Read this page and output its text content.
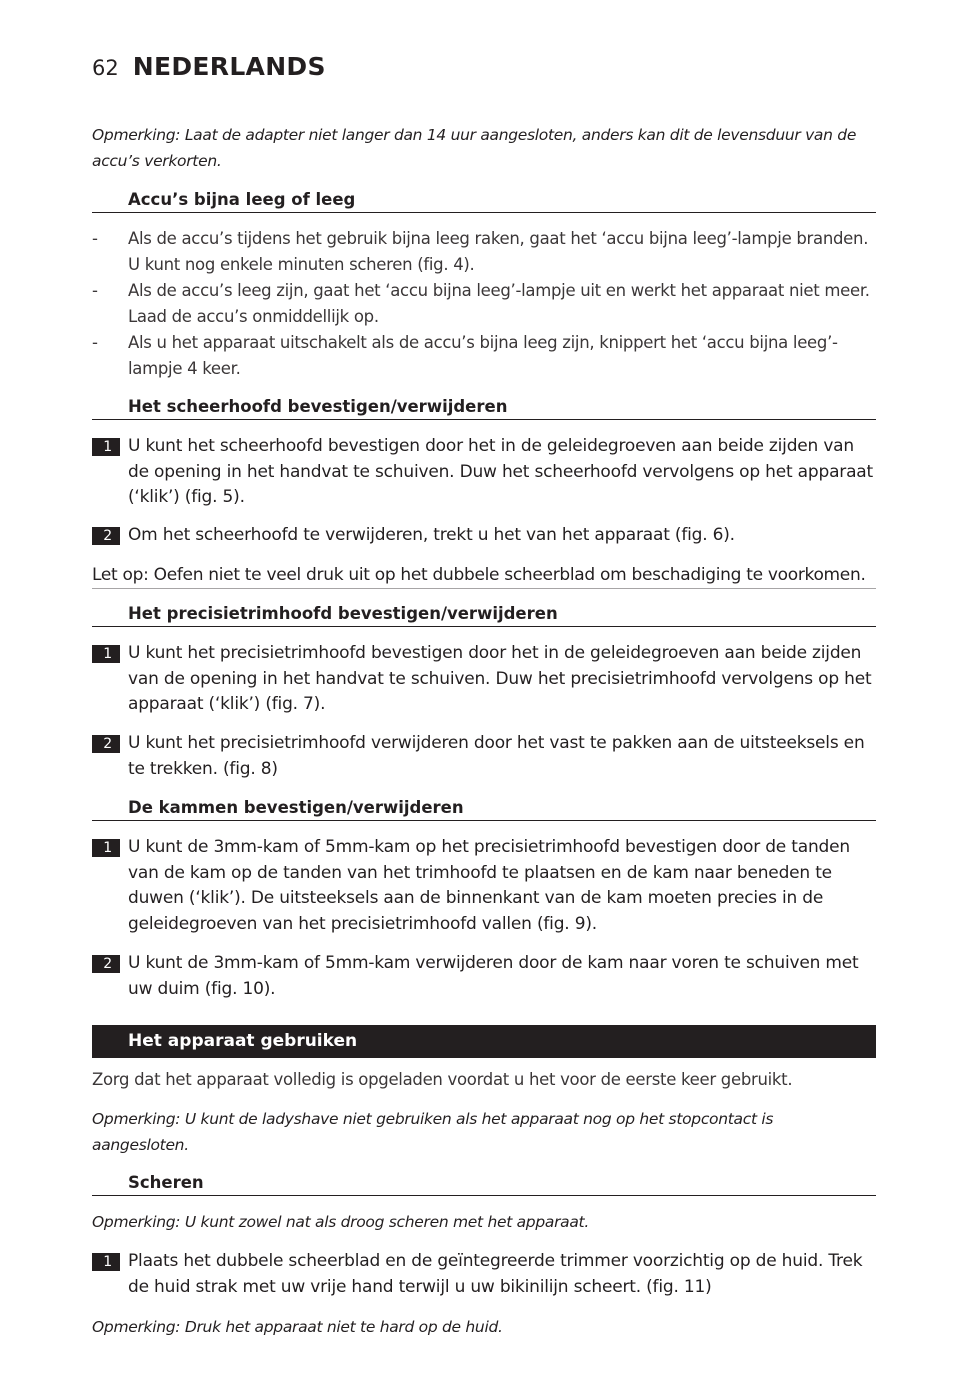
62 NEDERLANDS
Opmerking: Laat de adapter niet langer dan 14 uur aangesloten, anders kan dit de levensduur van de accu’s verkorten.
Accu’s bijna leeg of leeg
- Als de accu’s tijdens het gebruik bijna leeg raken, gaat het ‘accu bijna leeg’-lampje branden. U kunt nog enkele minuten scheren (fig. 4).
- Als de accu’s leeg zijn, gaat het ‘accu bijna leeg’-lampje uit en werkt het apparaat niet meer. Laad de accu’s onmiddellijk op.
- Als u het apparaat uitschakelt als de accu’s bijna leeg zijn, knippert het ‘accu bijna leeg’-lampje 4 keer.
Het scheerhoofd bevestigen/verwijderen
1 U kunt het scheerhoofd bevestigen door het in de geleidegroeven aan beide zijden van de opening in het handvat te schuiven. Duw het scheerhoofd vervolgens op het apparaat (‘klik’) (fig. 5).
2 Om het scheerhoofd te verwijderen, trekt u het van het apparaat (fig. 6).
Let op: Oefen niet te veel druk uit op het dubbele scheerblad om beschadiging te voorkomen.
Het precisietrimhoofd bevestigen/verwijderen
1 U kunt het precisietrimhoofd bevestigen door het in de geleidegroeven aan beide zijden van de opening in het handvat te schuiven. Duw het precisietrimhoofd vervolgens op het apparaat (‘klik’) (fig. 7).
2 U kunt het precisietrimhoofd verwijderen door het vast te pakken aan de uitsteeksels en te trekken. (fig. 8)
De kammen bevestigen/verwijderen
1 U kunt de 3mm-kam of 5mm-kam op het precisietrimhoofd bevestigen door de tanden van de kam op de tanden van het trimhoofd te plaatsen en de kam naar beneden te duwen (‘klik’). De uitsteeksels aan de binnenkant van de kam moeten precies in de geleidegroeven van het precisietrimhoofd vallen (fig. 9).
2 U kunt de 3mm-kam of 5mm-kam verwijderen door de kam naar voren te schuiven met uw duim (fig. 10).
Het apparaat gebruiken
Zorg dat het apparaat volledig is opgeladen voordat u het voor de eerste keer gebruikt.
Opmerking: U kunt de ladyshave niet gebruiken als het apparaat nog op het stopcontact is aangesloten.
Scheren
Opmerking: U kunt zowel nat als droog scheren met het apparaat.
1 Plaats het dubbele scheerblad en de geïntegreerde trimmer voorzichtig op de huid. Trek de huid strak met uw vrije hand terwijl u uw bikinilijn scheert. (fig. 11)
Opmerking: Druk het apparaat niet te hard op de huid.
